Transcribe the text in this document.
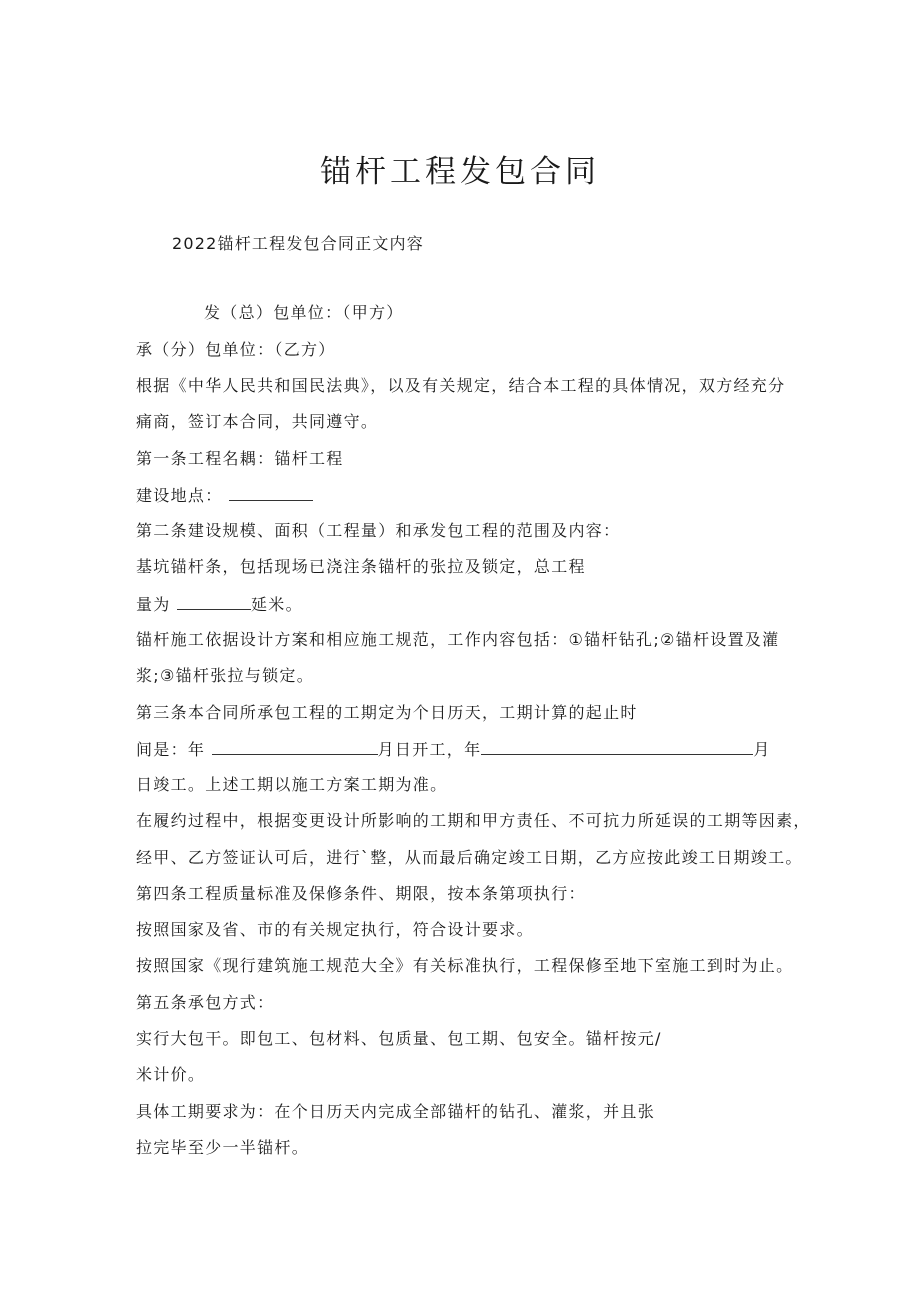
锚杆工程发包合同
2022锚杆工程发包合同正文内容
发（总）包单位：（甲方）
承（分）包单位：（乙方）
根据《中华人民共和国民法典》，以及有关规定，结合本工程的具体情况，双方经充分
痛商，签订本合同，共同遵守。
第一条工程名耦：锚杆工程
建设地点：
第二条建设规模、面积（工程量）和承发包工程的范围及内容：
基坑锚杆条，包括现场已浇注条锚杆的张拉及锁定，总工程
量为	延米。
锚杆施工依据设计方案和相应施工规范，工作内容包括：①锚杆钻孔;②锚杆设置及灌
浆;③锚杆张拉与锁定。
第三条本合同所承包工程的工期定为个日历天，工期计算的起止时
间是：年	月日开工，年	月
日竣工。上述工期以施工方案工期为准。
在履约过程中，根据变更设计所影响的工期和甲方责任、不可抗力所延误的工期等因素，
经甲、乙方签证认可后，进行`整，从而最后确定竣工日期，乙方应按此竣工日期竣工。
第四条工程质量标准及保修条件、期限，按本条第项执行：
按照国家及省、市的有关规定执行，符合设计要求。
按照国家《现行建筑施工规范大全》有关标准执行，工程保修至地下室施工到时为止。
第五条承包方式：
实行大包干。即包工、包材料、包质量、包工期、包安全。锚杆按元/
米计价。
具体工期要求为：在个日历天内完成全部锚杆的钻孔、灌浆，并且张
拉完毕至少一半锚杆。
